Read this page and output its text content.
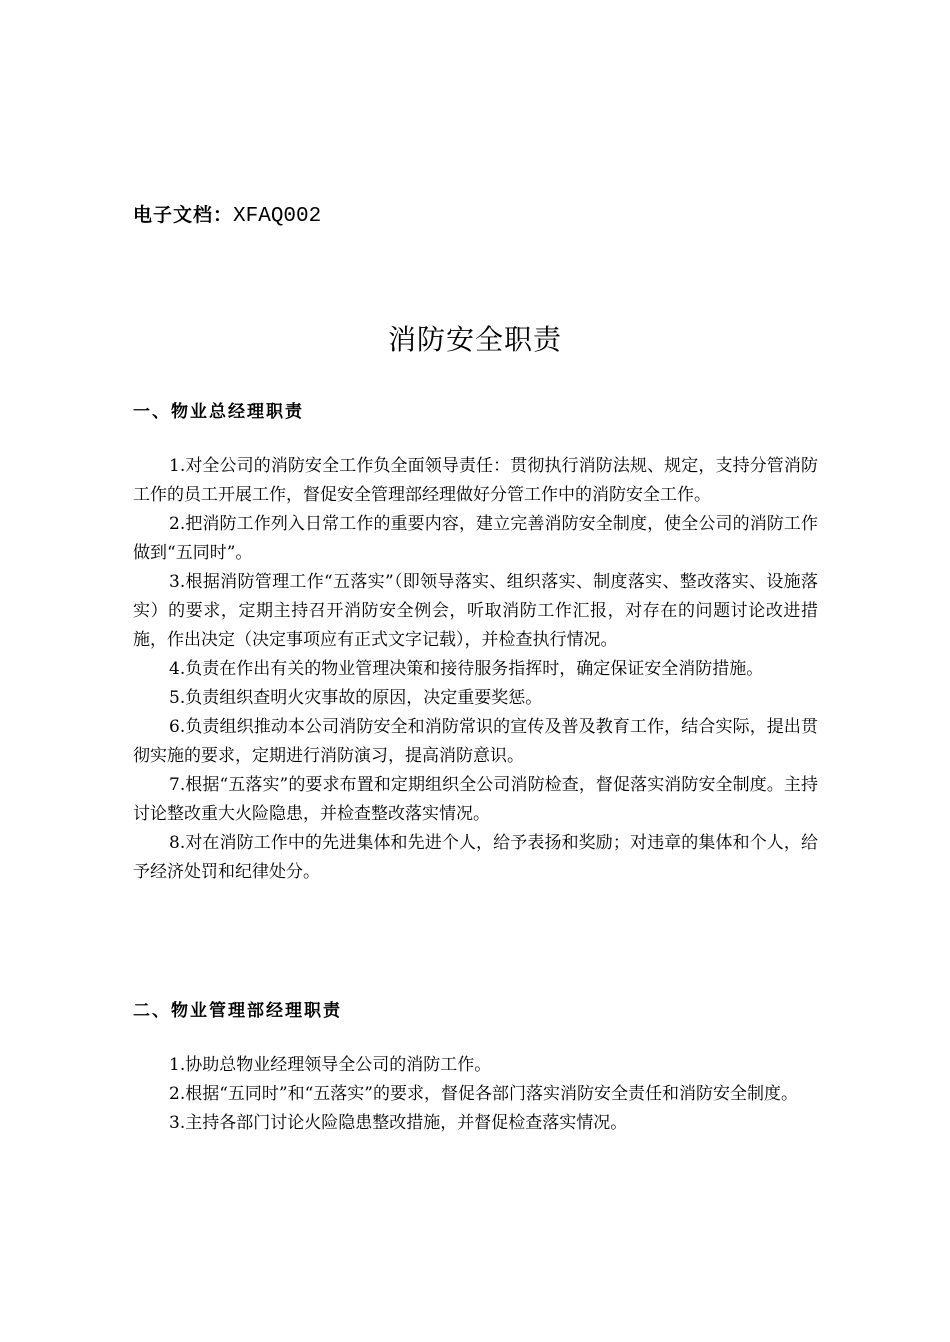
电子文档：XFAQ002
消防安全职责
一、物业总经理职责

1.对全公司的消防安全工作负全面领导责任：贯彻执行消防法规、规定，支持分管消防工作的员工开展工作，督促安全管理部经理做好分管工作中的消防安全工作。

2.把消防工作列入日常工作的重要内容，建立完善消防安全制度，使全公司的消防工作做到“五同时”。

3.根据消防管理工作“五落实”（即领导落实、组织落实、制度落实、整改落实、设施落实）的要求，定期主持召开消防安全例会，听取消防工作汇报，对存在的问题讨论改进措施，作出决定（决定事项应有正式文字记载），并检查执行情况。

4.负责在作出有关的物业管理决策和接待服务指挥时，确定保证安全消防措施。

5.负责组织查明火灾事故的原因，决定重要奖惩。

6.负责组织推动本公司消防安全和消防常识的宣传及普及教育工作，结合实际，提出贯彻实施的要求，定期进行消防演习，提高消防意识。

7.根据“五落实”的要求布置和定期组织全公司消防检查，督促落实消防安全制度。主持讨论整改重大火险隐患，并检查整改落实情况。

8.对在消防工作中的先进集体和先进个人，给予表扬和奖励；对违章的集体和个人，给予经济处罚和纪律处分。

二、物业管理部经理职责

1.协助总物业经理领导全公司的消防工作。

2.根据“五同时”和“五落实”的要求，督促各部门落实消防安全责任和消防安全制度。

3.主持各部门讨论火险隐患整改措施，并督促检查落实情况。
